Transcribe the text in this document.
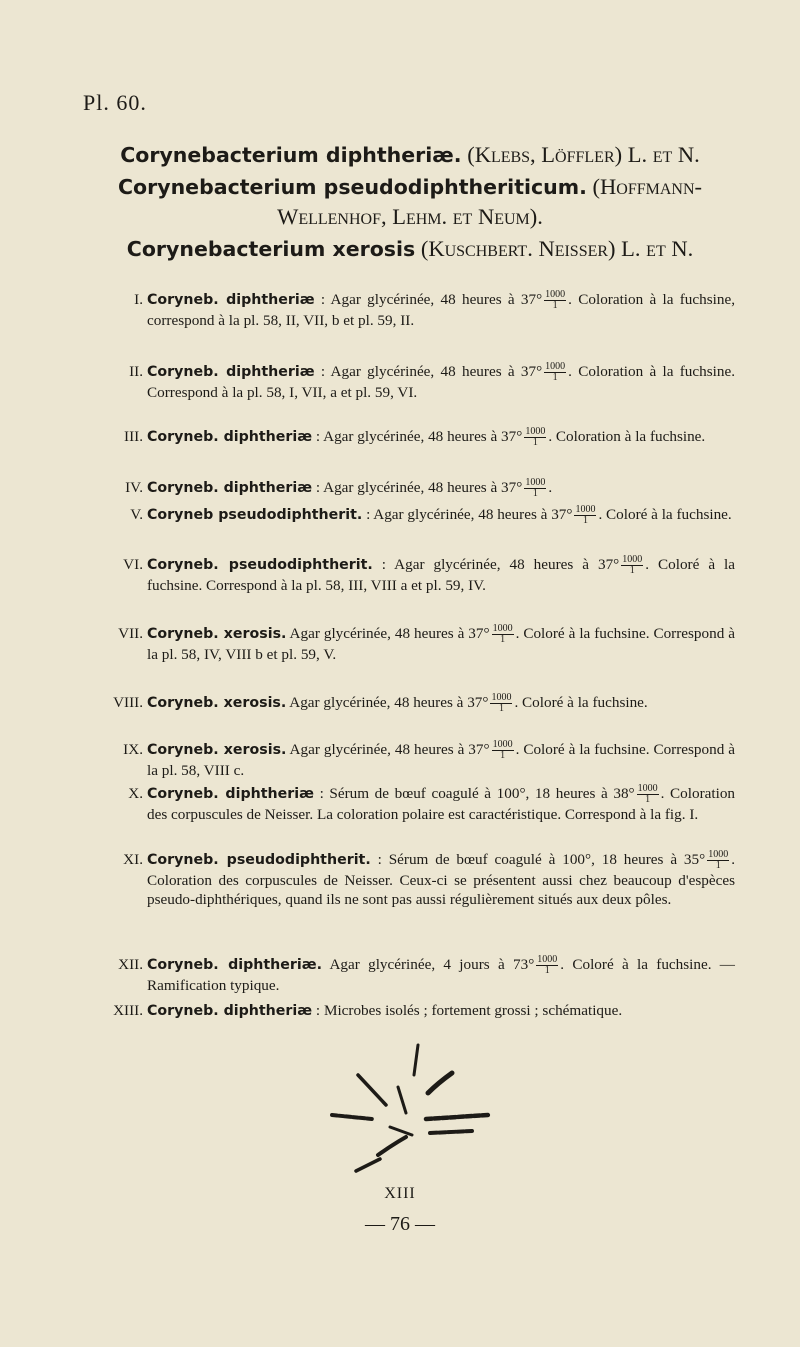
Pl. 60.
Corynebacterium diphtheriæ. (Klebs, Löffler) L. et N.
Corynebacterium pseudodiphtheriticum. (Hoffmann-Wellenhof, Lehm. et Neum).
Corynebacterium xerosis (Kuschbert. Neisser) L. et N.
I. Coryneb. diphtheriæ : Agar glycérinée, 48 heures à $37^\circ \frac{1000}{1}$ . Coloration à la fuchsine, correspond à la pl. 58, II, VII, b et pl. 59, II.
II. Coryneb. diphtheriæ : Agar glycérinée, 48 heures à $37^\circ \frac{1000}{1}$ . Coloration à la fuchsine. Correspond à la pl. 58, I, VII, a et pl. 59, VI.
III. Coryneb. diphtheriæ : Agar glycérinée, 48 heures à $37^\circ \frac{1000}{1}$ . Coloration à la fuchsine.
IV. Coryneb. diphtheriæ : Agar glycérinée, 48 heures à $37^\circ \frac{1000}{1}$ .
V. Coryneb pseudodiphtherit. : Agar glycérinée, 48 heures à $37^\circ \frac{1000}{1}$ . Coloré à la fuchsine.
VI. Coryneb. pseudodiphtherit. : Agar glycérinée, 48 heures à $37^\circ \frac{1000}{1}$ . Coloré à la fuchsine. Correspond à la pl. 58, III, VIII a et pl. 59, IV.
VII. Coryneb. xerosis. Agar glycérinée, 48 heures à $37^\circ \frac{1000}{1}$ . Coloré à la fuchsine. Correspond à la pl. 58, IV, VIII b et pl. 59, V.
VIII. Coryneb. xerosis. Agar glycérinée, 48 heures à $37^\circ \frac{1000}{1}$ . Coloré à la fuchsine.
IX. Coryneb. xerosis. Agar glycérinée, 48 heures à $37^\circ \frac{1000}{1}$ . Coloré à la fuchsine. Correspond à la pl. 58, VIII c.
X. Coryneb. diphtheriæ : Sérum de bœuf coagulé à 100°, 18 heures à $38^\circ \frac{1000}{1}$ . Coloration des corpuscules de Neisser. La coloration polaire est caractéristique. Correspond à la fig. I.
XI. Coryneb. pseudodiphtherit. : Sérum de bœuf coagulé à 100°, 18 heures à $35^\circ \frac{1000}{1}$ . Coloration des corpuscules de Neisser. Ceux-ci se présentent aussi chez beaucoup d'espèces pseudo-diphthériques, quand ils ne sont pas aussi régulièrement situés aux deux pôles.
XII. Coryneb. diphtheriæ. Agar glycérinée, 4 jours à $73^\circ \frac{1000}{1}$ . Coloré à la fuchsine. — Ramification typique.
XIII. Coryneb. diphtheriæ : Microbes isolés ; fortement grossi ; schématique.
XIII
— 76 —
